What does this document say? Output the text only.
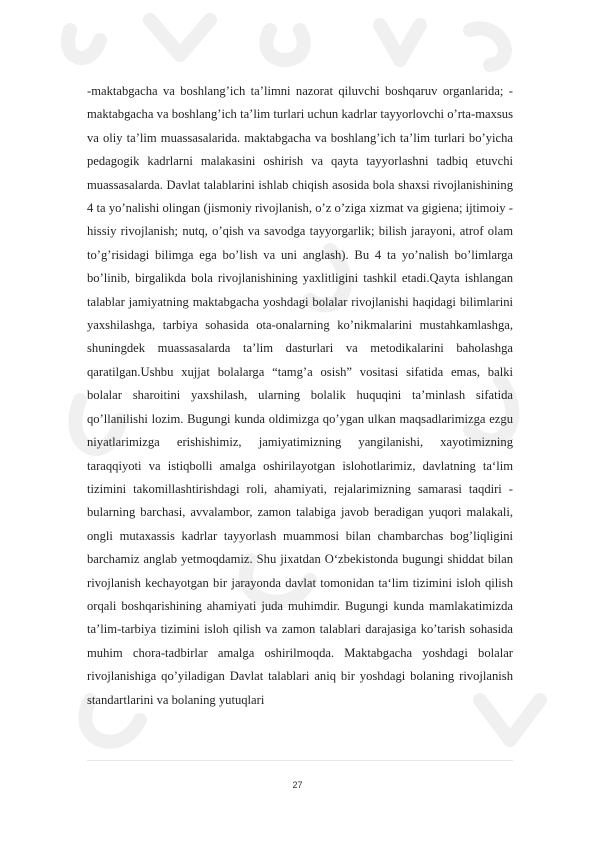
-maktabgacha va boshlang’ich ta’limni nazorat qiluvchi boshqaruv organlarida; -maktabgacha va boshlang’ich ta’lim turlari uchun kadrlar tayyorlovchi o’rta-maxsus va oliy ta’lim muassasalarida. maktabgacha va boshlang’ich ta’lim turlari bo’yicha pedagogik kadrlarni malakasini oshirish va qayta tayyorlashni tadbiq etuvchi muassasalarda. Davlat talablarini ishlab chiqish asosida bola shaxsi rivojlanishining 4 ta yo’nalishi olingan (jismoniy rivojlanish, o’z o’ziga xizmat va gigiena; ijtimoiy - hissiy rivojlanish; nutq, o’qish va savodga tayyorgarlik; bilish jarayoni, atrof olam to’g’risidagi bilimga ega bo’lish va uni anglash). Bu 4 ta yo’nalish bo’limlarga bo’linib, birgalikda bola rivojlanishining yaxlitligini tashkil etadi.Qayta ishlangan talablar jamiyatning maktabgacha yoshdagi bolalar rivojlanishi haqidagi bilimlarini yaxshilashga, tarbiya sohasida ota-onalarning ko’nikmalarini mustahkamlashga, shuningdek muassasalarda ta’lim dasturlari va metodikalarini baholashga qaratilgan.Ushbu xujjat bolalarga “tamg’a osish” vositasi sifatida emas, balki bolalar sharoitini yaxshilash, ularning bolalik huquqini ta’minlash sifatida qo’llanilishi lozim. Bugungi kunda oldimizga qo’ygan ulkan maqsadlarimizga ezgu niyatlarimizga erishishimiz, jamiyatimizning yangilanishi, xayotimizning taraqqiyoti va istiqbolli amalga oshirilayotgan islohotlarimiz, davlatning ta‘lim tizimini takomillashtirishdagi roli, ahamiyati, rejalarimizning samarasi taqdiri - bularning barchasi, avvalambor, zamon talabiga javob beradigan yuqori malakali, ongli mutaxassis kadrlar tayyorlash muammosi bilan chambarchas bog’liqligini barchamiz anglab yetmoqdamiz. Shu jixatdan O‘zbekistonda bugungi shiddat bilan rivojlanish kechayotgan bir jarayonda davlat tomonidan ta‘lim tizimini isloh qilish orqali boshqarishining ahamiyati juda muhimdir. Bugungi kunda mamlakatimizda ta’lim-tarbiya tizimini isloh qilish va zamon talablari darajasiga ko’tarish sohasida muhim chora-tadbirlar amalga oshirilmoqda. Maktabgacha yoshdagi bolalar rivojlanishiga qo’yiladigan Davlat talablari aniq bir yoshdagi bolaning rivojlanish standartlarini va bolaning yutuqlari

27
